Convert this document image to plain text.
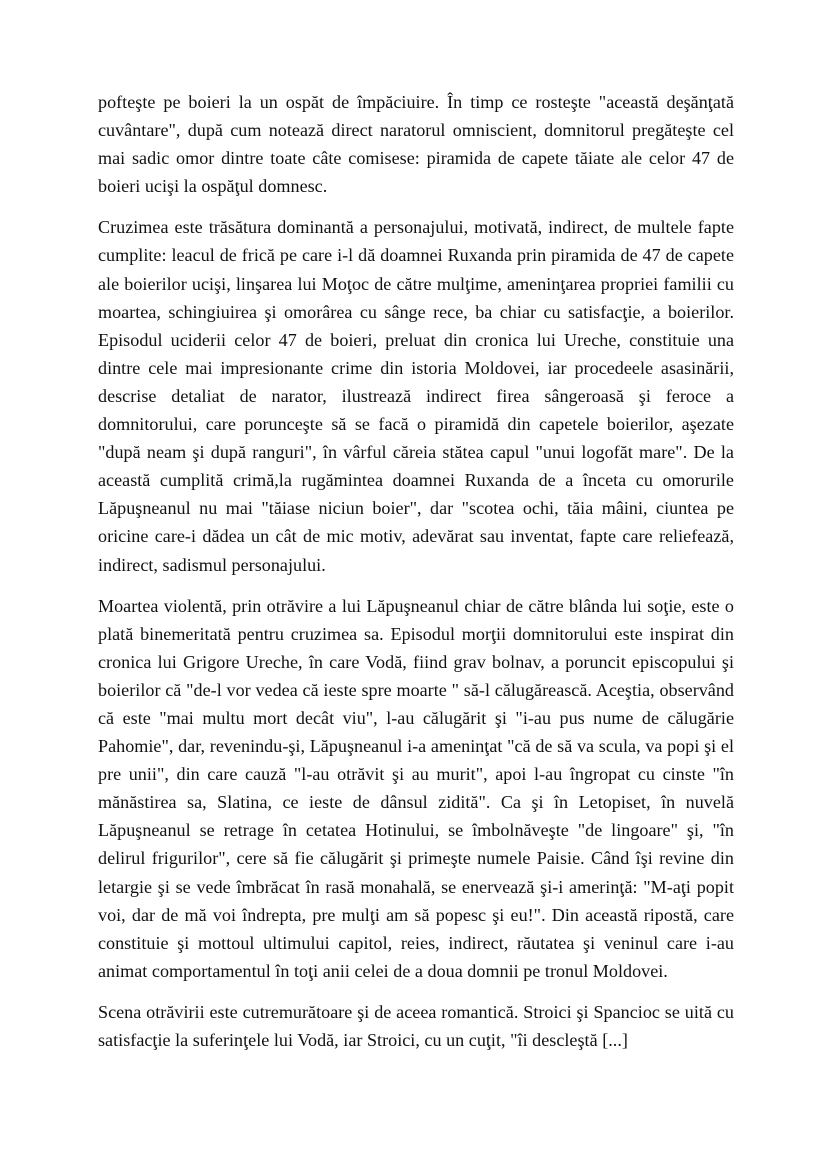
pofteşte pe boieri la un ospăt de împăciuire. În timp ce rosteşte "această deşănţată cuvântare", după cum notează direct naratorul omniscient, domnitorul pregăteşte cel mai sadic omor dintre toate câte comisese: piramida de capete tăiate ale celor 47 de boieri ucişi la ospăţul domnesc.

Cruzimea este trăsătura dominantă a personajului, motivată, indirect, de multele fapte cumplite: leacul de frică pe care i-l dă doamnei Ruxanda prin piramida de 47 de capete ale boierilor ucişi, linşarea lui Moţoc de către mulţime, ameninţarea propriei familii cu moartea, schingiuirea şi omorârea cu sânge rece, ba chiar cu satisfacţie, a boierilor. Episodul uciderii celor 47 de boieri, preluat din cronica lui Ureche, constituie una dintre cele mai impresionante crime din istoria Moldovei, iar procedeele asasinării, descrise detaliat de narator, ilustrează indirect firea sângeroasă şi feroce a domnitorului, care porunceşte să se facă o piramidă din capetele boierilor, aşezate "după neam şi după ranguri", în vârful căreia stătea capul "unui logofăt mare". De la această cumplită crimă,la rugămintea doamnei Ruxanda de a înceta cu omorurile Lăpuşneanul nu mai "tăiase niciun boier", dar "scotea ochi, tăia mâini, ciuntea pe oricine care-i dădea un cât de mic motiv, adevărat sau inventat, fapte care reliefează, indirect, sadismul personajului.

Moartea violentă, prin otrăvire a lui Lăpuşneanul chiar de către blânda lui soţie, este o plată binemeritată pentru cruzimea sa. Episodul morţii domnitorului este inspirat din cronica lui Grigore Ureche, în care Vodă, fiind grav bolnav, a poruncit episcopului şi boierilor că "de-l vor vedea că ieste spre moarte " să-l călugărească. Aceştia, observând că este "mai multu mort decât viu", l-au călugărit şi "i-au pus nume de călugărie Pahomie", dar, revenindu-şi, Lăpuşneanul i-a ameninţat "că de să va scula, va popi şi el pre unii", din care cauză "l-au otrăvit şi au murit", apoi l-au îngropat cu cinste "în mănăstirea sa, Slatina, ce ieste de dânsul zidită". Ca şi în Letopiset, în nuvelă Lăpuşneanul se retrage în cetatea Hotinului, se îmbolnăveşte "de lingoare" şi, "în delirul frigurilor", cere să fie călugărit şi primeşte numele Paisie. Când îşi revine din letargie şi se vede îmbrăcat în rasă monahală, se enervează şi-i amerinţă: "M-aţi popit voi, dar de mă voi îndrepta, pre mulţi am să popesc şi eu!". Din această ripostă, care constituie şi mottoul ultimului capitol, reies, indirect, răutatea şi veninul care i-au animat comportamentul în toţi anii celei de a doua domnii pe tronul Moldovei.

Scena otrăvirii este cutremurătoare şi de aceea romantică. Stroici şi Spancioc se uită cu satisfacţie la suferinţele lui Vodă, iar Stroici, cu un cuţit, "îi descleştă [...]
